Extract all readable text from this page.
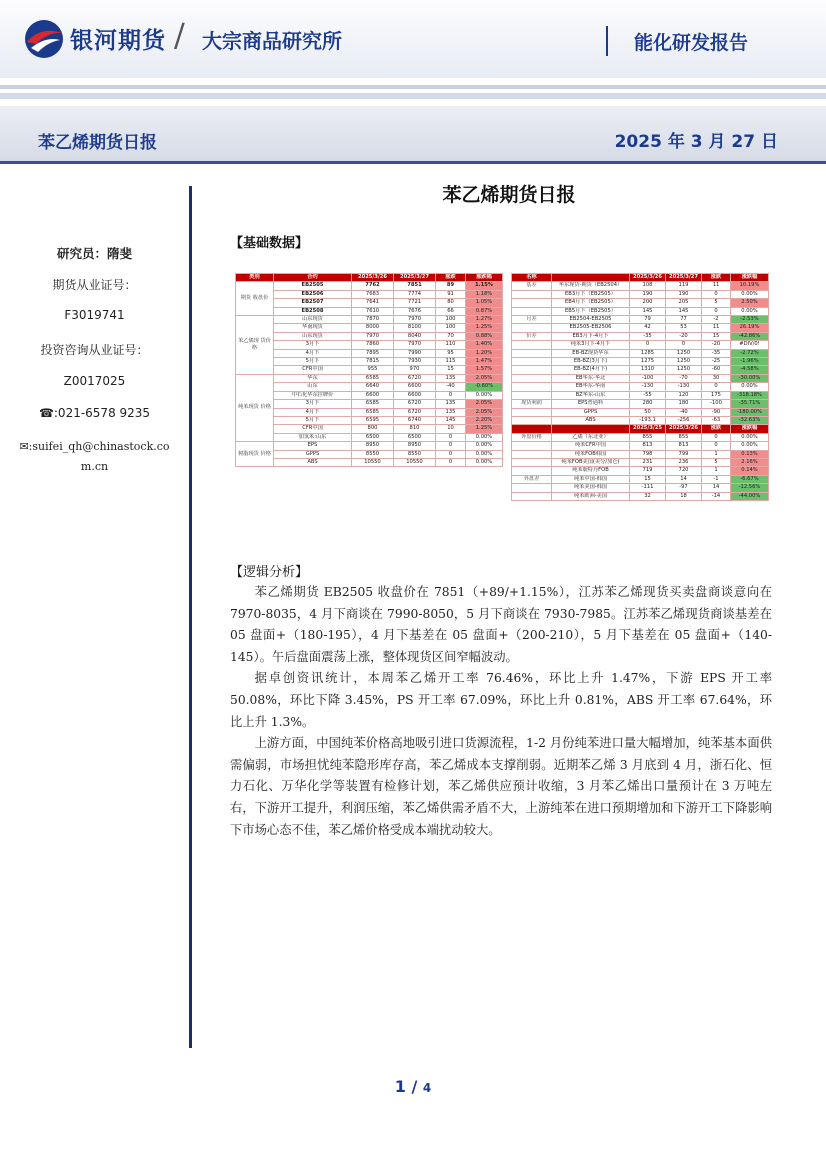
银河期货 / 大宗商品研究所	能化研发报告
苯乙烯期货日报	2025 年 3 月 27 日
研究员：隋斐
期货从业证号：
F3019741
投资咨询从业证号：
Z0017025
☎:021-6578 9235
✉:suifei_qh@chinastock.co
m.cn
苯乙烯期货日报
【基础数据】
类别	合约	2025/3/26	2025/3/27	涨跌	涨跌幅
期货 收盘价	EB2505	7762	7851	89	1.15%
	EB2506	7683	7774	91	1.18%
	EB2507	7641	7721	80	1.05%
	EB2508	7610	7676	66	0.87%
苯乙烯现 货价格	山东现货	7870	7970	100	1.27%
	华南现货	8000	8100	100	1.25%
	山东现货	7970	8040	70	0.88%
	3月下	7860	7970	110	1.40%
	4月下	7895	7990	95	1.20%
	5月下	7815	7930	115	1.47%
	CFR中国	955	970	15	1.57%
纯苯现货 价格	华东	6585	6720	135	2.05%
	山东	6640	6600	-40	-0.60%
	中石化华东挂牌价	6600	6600	0	0.00%
	3月下	6585	6720	135	2.05%
	4月下	6585	6720	135	2.05%
	5月下	6595	6740	145	2.20%
	CFR中国	800	810	10	1.25%
	加氢苯:山东	6500	6500	0	0.00%
树脂现货 价格	EPS	8950	8950	0	0.00%
	GPPS	8550	8550	0	0.00%
	ABS	10550	10550	0	0.00%
名称		2025/3/26	2025/3/27	涨跌	涨跌幅
基差	华东现货-期货（EB2504）	108	119	11	10.19%
	EB3月下（EB2505）	190	190	0	0.00%
	EB4月下（EB2505）	200	205	5	2.50%
	EB5月下（EB2505）	145	145	0	0.00%
月差	EB2504-EB2505	79	77	-2	-2.53%
	EB2505-EB2506	42	53	11	26.19%
价差	EB3月下-4月下	-35	-20	15	-42.86%
	纯苯3月下-4月下	0	0	-20	#DIV/0!
	EB-BZ现货华东	1285	1250	-35	-2.72%
	EB-BZ(3月下)	1275	1250	-25	-1.96%
	EB-BZ(4月下)	1310	1250	-60	-4.58%
	EB华东-华北	-100	-70	30	-30.00%
	EB华东-华南	-130	-130	0	0.00%
	BZ华东-山东	-55	120	175	-318.18%
现货利润	EPS普通料	280	180	-100	-35.71%
	GPPS	50	-40	-90	-180.00%
	ABS	-193.1	-256	-63	-32.63%
		2025/3/25	2025/3/26	涨跌	涨跌幅
外盘价格	乙烯（东北亚）	855	855	0	0.00%
	纯苯CFR中国	813	813	0	0.00%
	纯苯FOB韩国	798	799	1	0.13%
	纯苯FOB美国(美分/加仑)	231	236	5	2.16%
	纯苯鹿特丹FOB	719	720	1	0.14%
外盘差	纯苯中国-韩国	15	14	-1	-6.67%
	纯苯美国-韩国	-111	-97	14	-12.56%
	纯苯欧洲-美国	32	18	-14	-44.00%
【逻辑分析】

苯乙烯期货 EB2505 收盘价在 7851（+89/+1.15%），江苏苯乙烯现货买卖盘商谈意向在 7970-8035，4 月下商谈在 7990-8050，5 月下商谈在 7930-7985。江苏苯乙烯现货商谈基差在 05 盘面+（180-195），4 月下基差在 05 盘面+（200-210），5 月下基差在 05 盘面+（140-145）。午后盘面震荡上涨，整体现货区间窄幅波动。

据卓创资讯统计，本周苯乙烯开工率 76.46%，环比上升 1.47%，下游 EPS 开工率 50.08%，环比下降 3.45%，PS 开工率 67.09%，环比上升 0.81%，ABS 开工率 67.64%，环比上升 1.3%。

上游方面，中国纯苯价格高地吸引进口货源流程，1-2 月份纯苯进口量大幅增加，纯苯基本面供需偏弱，市场担忧纯苯隐形库存高，苯乙烯成本支撑削弱。近期苯乙烯 3 月底到 4 月，浙石化、恒力石化、万华化学等装置有检修计划，苯乙烯供应预计收缩，3 月苯乙烯出口量预计在 3 万吨左右，下游开工提升，利润压缩，苯乙烯供需矛盾不大，上游纯苯在进口预期增加和下游开工下降影响下市场心态不佳，苯乙烯价格受成本端扰动较大。

1 / 4
